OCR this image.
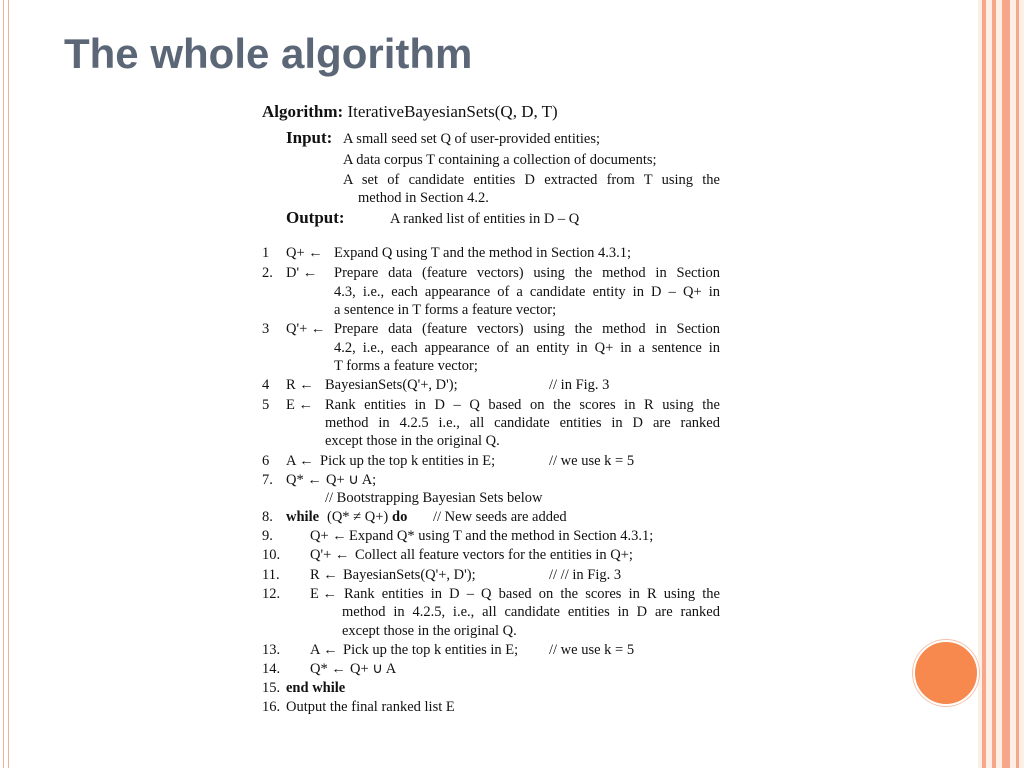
The whole algorithm
Algorithm: IterativeBayesianSets(Q, D, T)
Input: A small seed set Q of user-provided entities;
A data corpus T containing a collection of documents;
A set of candidate entities D extracted from T using the
method in Section 4.2.
Output:	A ranked list of entities in D – Q
1 Q+ ← Expand Q using T and the method in Section 4.3.1;
2. D' ← Prepare data (feature vectors) using the method in Section
4.3, i.e., each appearance of a candidate entity in D – Q+ in
a sentence in T forms a feature vector;
3 Q'+ ← Prepare data (feature vectors) using the method in Section
4.2, i.e., each appearance of an entity in Q+ in a sentence in
T forms a feature vector;
4 R ← BayesianSets(Q'+, D');	// in Fig. 3
5 E ← Rank entities in D – Q based on the scores in R using the
method in 4.2.5 i.e., all candidate entities in D are ranked
except those in the original Q.
6 A ← Pick up the top k entities in E;	// we use k = 5
7. Q* ← Q+ ∪ A;
// Bootstrapping Bayesian Sets below
8. while (Q* ≠ Q+) do // New seeds are added
9.	Q+ ← Expand Q* using T and the method in Section 4.3.1;
10. Q'+ ← Collect all feature vectors for the entities in Q+;
11. R ← BayesianSets(Q'+, D');	// // in Fig. 3
12. E ← Rank entities in D – Q based on the scores in R using the
method in 4.2.5, i.e., all candidate entities in D are ranked
except those in the original Q.
13. A ← Pick up the top k entities in E; // we use k = 5
14. Q* ← Q+ ∪ A
15. end while
16. Output the final ranked list E
